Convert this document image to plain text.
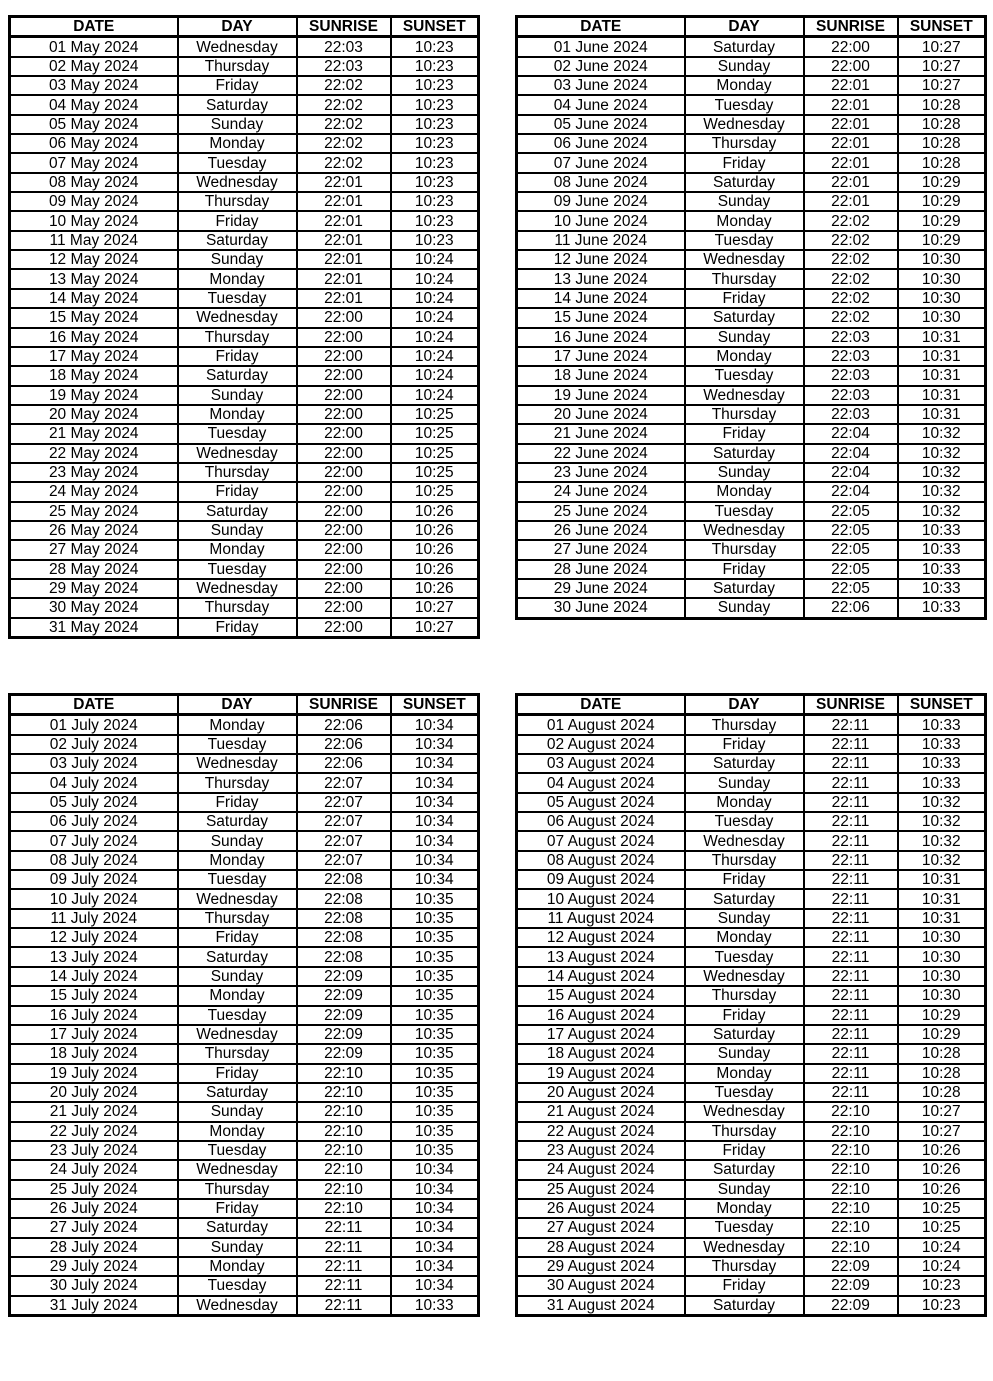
DATE	DAY	SUNRISE	SUNSET
01 May 2024	Wednesday	22:03	10:23
02 May 2024	Thursday	22:03	10:23
03 May 2024	Friday	22:02	10:23
04 May 2024	Saturday	22:02	10:23
05 May 2024	Sunday	22:02	10:23
06 May 2024	Monday	22:02	10:23
07 May 2024	Tuesday	22:02	10:23
08 May 2024	Wednesday	22:01	10:23
09 May 2024	Thursday	22:01	10:23
10 May 2024	Friday	22:01	10:23
11 May 2024	Saturday	22:01	10:23
12 May 2024	Sunday	22:01	10:24
13 May 2024	Monday	22:01	10:24
14 May 2024	Tuesday	22:01	10:24
15 May 2024	Wednesday	22:00	10:24
16 May 2024	Thursday	22:00	10:24
17 May 2024	Friday	22:00	10:24
18 May 2024	Saturday	22:00	10:24
19 May 2024	Sunday	22:00	10:24
20 May 2024	Monday	22:00	10:25
21 May 2024	Tuesday	22:00	10:25
22 May 2024	Wednesday	22:00	10:25
23 May 2024	Thursday	22:00	10:25
24 May 2024	Friday	22:00	10:25
25 May 2024	Saturday	22:00	10:26
26 May 2024	Sunday	22:00	10:26
27 May 2024	Monday	22:00	10:26
28 May 2024	Tuesday	22:00	10:26
29 May 2024	Wednesday	22:00	10:26
30 May 2024	Thursday	22:00	10:27
31 May 2024	Friday	22:00	10:27
DATE	DAY	SUNRISE	SUNSET
01 June 2024	Saturday	22:00	10:27
02 June 2024	Sunday	22:00	10:27
03 June 2024	Monday	22:01	10:27
04 June 2024	Tuesday	22:01	10:28
05 June 2024	Wednesday	22:01	10:28
06 June 2024	Thursday	22:01	10:28
07 June 2024	Friday	22:01	10:28
08 June 2024	Saturday	22:01	10:29
09 June 2024	Sunday	22:01	10:29
10 June 2024	Monday	22:02	10:29
11 June 2024	Tuesday	22:02	10:29
12 June 2024	Wednesday	22:02	10:30
13 June 2024	Thursday	22:02	10:30
14 June 2024	Friday	22:02	10:30
15 June 2024	Saturday	22:02	10:30
16 June 2024	Sunday	22:03	10:31
17 June 2024	Monday	22:03	10:31
18 June 2024	Tuesday	22:03	10:31
19 June 2024	Wednesday	22:03	10:31
20 June 2024	Thursday	22:03	10:31
21 June 2024	Friday	22:04	10:32
22 June 2024	Saturday	22:04	10:32
23 June 2024	Sunday	22:04	10:32
24 June 2024	Monday	22:04	10:32
25 June 2024	Tuesday	22:05	10:32
26 June 2024	Wednesday	22:05	10:33
27 June 2024	Thursday	22:05	10:33
28 June 2024	Friday	22:05	10:33
29 June 2024	Saturday	22:05	10:33
30 June 2024	Sunday	22:06	10:33
DATE	DAY	SUNRISE	SUNSET
01 July 2024	Monday	22:06	10:34
02 July 2024	Tuesday	22:06	10:34
03 July 2024	Wednesday	22:06	10:34
04 July 2024	Thursday	22:07	10:34
05 July 2024	Friday	22:07	10:34
06 July 2024	Saturday	22:07	10:34
07 July 2024	Sunday	22:07	10:34
08 July 2024	Monday	22:07	10:34
09 July 2024	Tuesday	22:08	10:34
10 July 2024	Wednesday	22:08	10:35
11 July 2024	Thursday	22:08	10:35
12 July 2024	Friday	22:08	10:35
13 July 2024	Saturday	22:08	10:35
14 July 2024	Sunday	22:09	10:35
15 July 2024	Monday	22:09	10:35
16 July 2024	Tuesday	22:09	10:35
17 July 2024	Wednesday	22:09	10:35
18 July 2024	Thursday	22:09	10:35
19 July 2024	Friday	22:10	10:35
20 July 2024	Saturday	22:10	10:35
21 July 2024	Sunday	22:10	10:35
22 July 2024	Monday	22:10	10:35
23 July 2024	Tuesday	22:10	10:35
24 July 2024	Wednesday	22:10	10:34
25 July 2024	Thursday	22:10	10:34
26 July 2024	Friday	22:10	10:34
27 July 2024	Saturday	22:11	10:34
28 July 2024	Sunday	22:11	10:34
29 July 2024	Monday	22:11	10:34
30 July 2024	Tuesday	22:11	10:34
31 July 2024	Wednesday	22:11	10:33
DATE	DAY	SUNRISE	SUNSET
01 August 2024	Thursday	22:11	10:33
02 August 2024	Friday	22:11	10:33
03 August 2024	Saturday	22:11	10:33
04 August 2024	Sunday	22:11	10:33
05 August 2024	Monday	22:11	10:32
06 August 2024	Tuesday	22:11	10:32
07 August 2024	Wednesday	22:11	10:32
08 August 2024	Thursday	22:11	10:32
09 August 2024	Friday	22:11	10:31
10 August 2024	Saturday	22:11	10:31
11 August 2024	Sunday	22:11	10:31
12 August 2024	Monday	22:11	10:30
13 August 2024	Tuesday	22:11	10:30
14 August 2024	Wednesday	22:11	10:30
15 August 2024	Thursday	22:11	10:30
16 August 2024	Friday	22:11	10:29
17 August 2024	Saturday	22:11	10:29
18 August 2024	Sunday	22:11	10:28
19 August 2024	Monday	22:11	10:28
20 August 2024	Tuesday	22:11	10:28
21 August 2024	Wednesday	22:10	10:27
22 August 2024	Thursday	22:10	10:27
23 August 2024	Friday	22:10	10:26
24 August 2024	Saturday	22:10	10:26
25 August 2024	Sunday	22:10	10:26
26 August 2024	Monday	22:10	10:25
27 August 2024	Tuesday	22:10	10:25
28 August 2024	Wednesday	22:10	10:24
29 August 2024	Thursday	22:09	10:24
30 August 2024	Friday	22:09	10:23
31 August 2024	Saturday	22:09	10:23
